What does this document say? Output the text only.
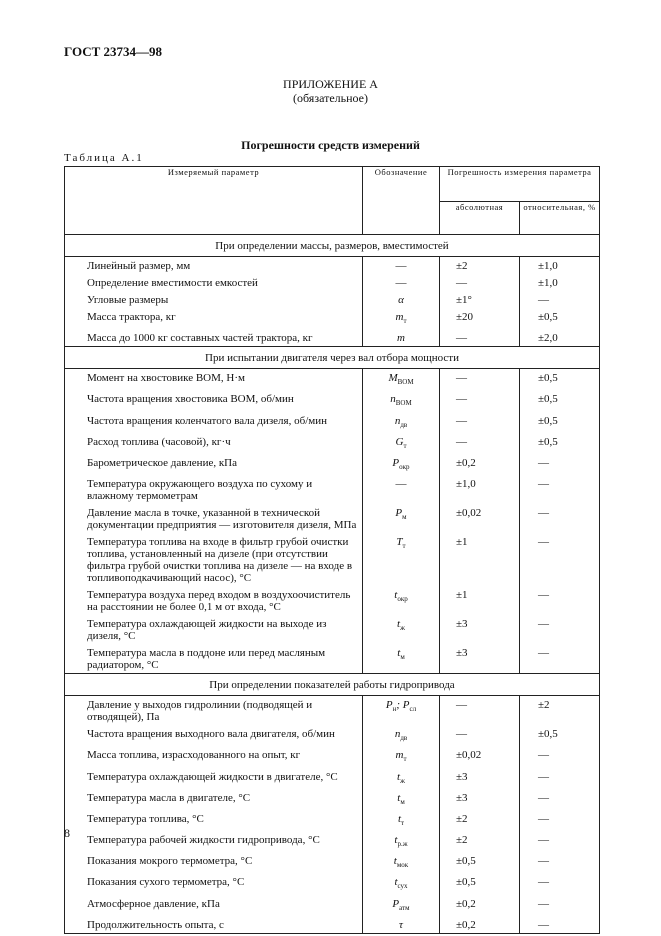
ГОСТ 23734—98
ПРИЛОЖЕНИЕ А
(обязательное)
Погрешности средств измерений
Таблица А.1
Измеряемый параметр	Обозначение	Погрешность измерения параметра	
		абсолютная	относительная, %
При определении массы, размеров, вместимостей			
Линейный размер, мм	—	±2	±1,0
Определение вместимости емкостей	—	—	±1,0
Угловые размеры	α	±1°	—
Масса трактора, кг	$m_т$	±20	±0,5
Масса до 1000 кг составных частей трактора, кг	m	—	±2,0
При испытании двигателя через вал отбора мощности			
Момент на хвостовике ВОМ, Н·м	$M_{ВОМ}$	—	±0,5
Частота вращения хвостовика ВОМ, об/мин	$n_{ВОМ}$	—	±0,5
Частота вращения коленчатого вала дизеля, об/мин	$n_{дв}$	—	±0,5
Расход топлива (часовой), кг·ч	$G_т$	—	±0,5
Барометрическое давление, кПа	$P_{окр}$	±0,2	—
Температура окружающего воздуха по сухому и влажному термометрам	—	±1,0	—
Давление масла в точке, указанной в технической документации предприятия — изготовителя дизеля, МПа	$P_м$	±0,02	—
Температура топлива на входе в фильтр грубой очистки топлива, установленный на дизеле (при отсутствии фильтра грубой очистки топлива на дизеле — на входе в топливоподкачивающий насос), °С	$T_т$	±1	—
Температура воздуха перед входом в воздухоочиститель на расстоянии не более 0,1 м от входа, °С	$t_{окр}$	±1	—
Температура охлаждающей жидкости на выходе из дизеля, °С	$t_ж$	±3	—
Температура масла в поддоне или перед масляным радиатором, °С	$t_м$	±3	—
При определении показателей работы гидропривода			
Давление у выходов гидролинии (подводящей и отводящей), Па	$P_н$; $P_{сл}$	—	±2
Частота вращения выходного вала двигателя, об/мин	$n_{дв}$	—	±0,5
Масса топлива, израсходованного на опыт, кг	$m_т$	±0,02	—
Температура охлаждающей жидкости в двигателе, °С	$t_ж$	±3	—
Температура масла в двигателе, °С	$t_м$	±3	—
Температура топлива, °С	$t_т$	±2	—
Температура рабочей жидкости гидропривода, °С	$t_{р.ж}$	±2	—
Показания мокрого термометра, °С	$t_{мок}$	±0,5	—
Показания сухого термометра, °С	$t_{сух}$	±0,5	—
Атмосферное давление, кПа	$P_{атм}$	±0,2	—
Продолжительность опыта, с	τ	±0,2	—
8
